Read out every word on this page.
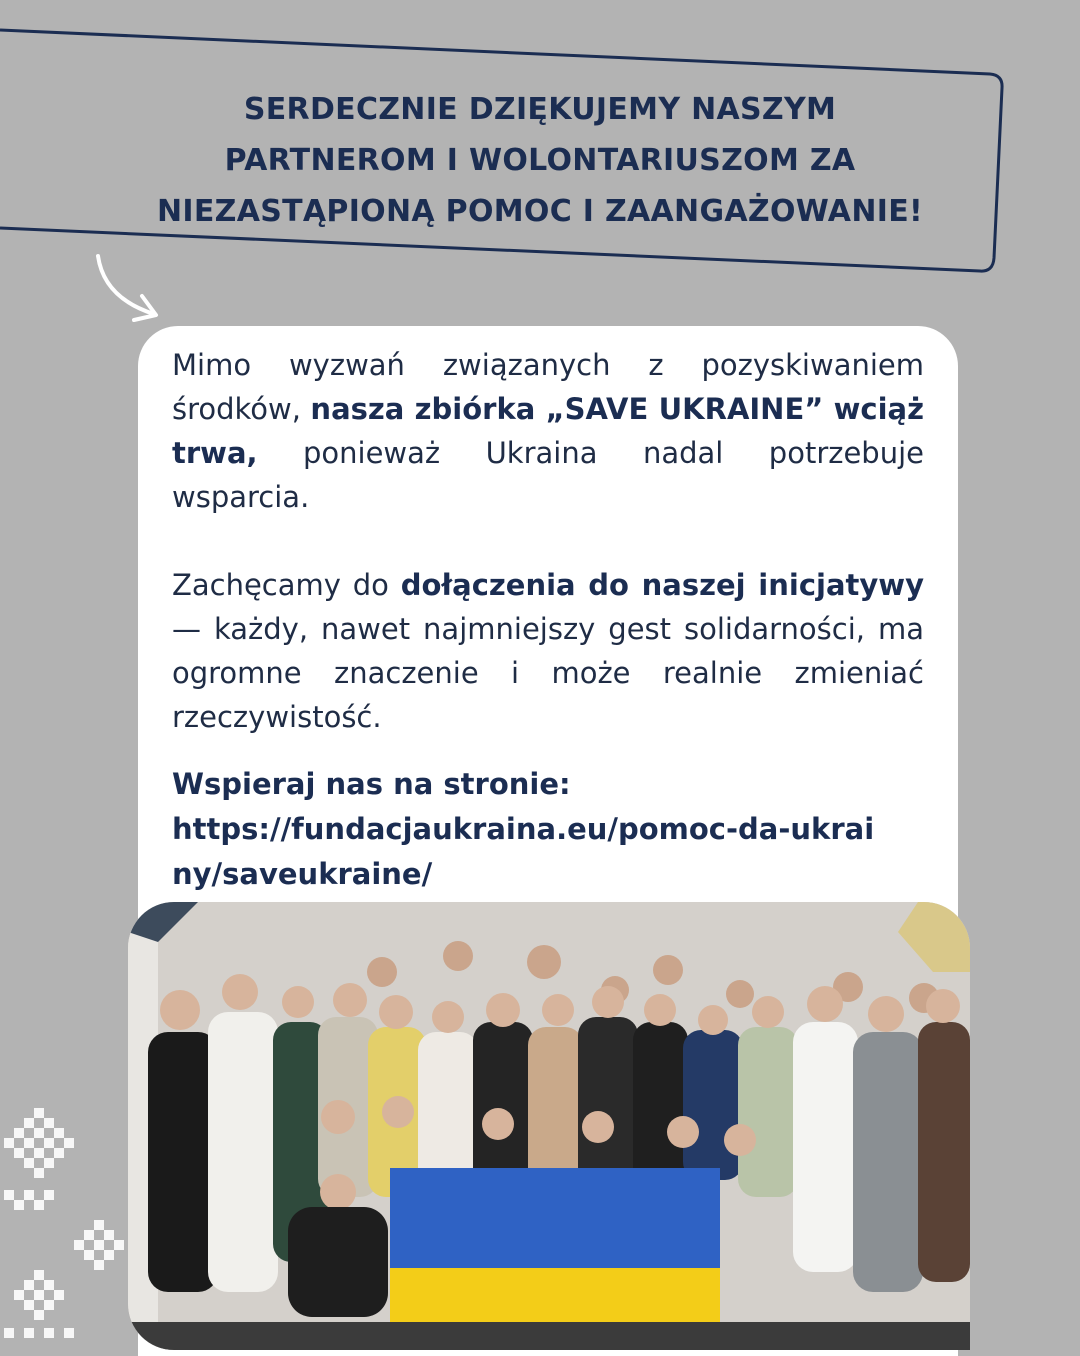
SERDECZNIE DZIĘKUJEMY NASZYM
PARTNEROM I WOLONTARIUSZOM ZA
NIEZASTĄPIONĄ POMOC I ZAANGAŻOWANIE!
Mimo wyzwań związanych z pozyskiwaniem środków, nasza zbiórka „SAVE UKRAINE” wciąż trwa, ponieważ Ukraina nadal potrzebuje wsparcia.
Zachęcamy do dołączenia do naszej inicjatywy — każdy, nawet najmniejszy gest solidarności, ma ogromne znaczenie i może realnie zmieniać rzeczywistość.
Wspieraj nas na stronie:
https://fundacjaukraina.eu/pomoc-da-ukrainy/saveukraine/
